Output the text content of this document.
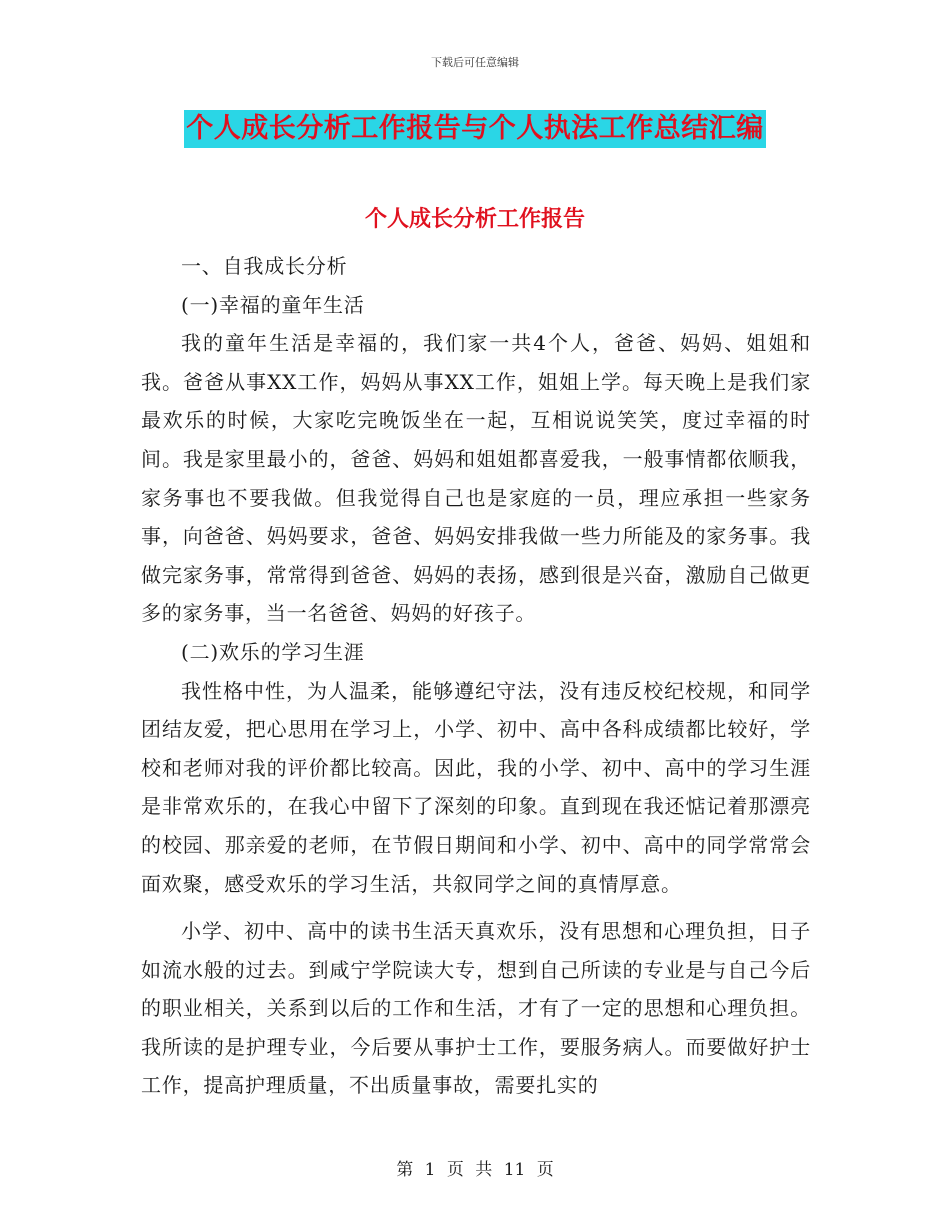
下载后可任意编辑
个人成长分析工作报告与个人执法工作总结汇编
个人成长分析工作报告

一、自我成长分析

(一)幸福的童年生活

我的童年生活是幸福的，我们家一共4个人，爸爸、妈妈、姐姐和我。爸爸从事XX工作，妈妈从事XX工作，姐姐上学。每天晚上是我们家最欢乐的时候，大家吃完晚饭坐在一起，互相说说笑笑，度过幸福的时间。我是家里最小的，爸爸、妈妈和姐姐都喜爱我，一般事情都依顺我，家务事也不要我做。但我觉得自己也是家庭的一员，理应承担一些家务事，向爸爸、妈妈要求，爸爸、妈妈安排我做一些力所能及的家务事。我做完家务事，常常得到爸爸、妈妈的表扬，感到很是兴奋，激励自己做更多的家务事，当一名爸爸、妈妈的好孩子。

(二)欢乐的学习生涯

我性格中性，为人温柔，能够遵纪守法，没有违反校纪校规，和同学团结友爱，把心思用在学习上，小学、初中、高中各科成绩都比较好，学校和老师对我的评价都比较高。因此，我的小学、初中、高中的学习生涯是非常欢乐的，在我心中留下了深刻的印象。直到现在我还惦记着那漂亮的校园、那亲爱的老师，在节假日期间和小学、初中、高中的同学常常会面欢聚，感受欢乐的学习生活，共叙同学之间的真情厚意。

小学、初中、高中的读书生活天真欢乐，没有思想和心理负担，日子如流水般的过去。到咸宁学院读大专，想到自己所读的专业是与自己今后的职业相关，关系到以后的工作和生活，才有了一定的思想和心理负担。我所读的是护理专业，今后要从事护士工作，要服务病人。而要做好护士工作，提高护理质量，不出质量事故，需要扎实的

第 1 页 共 11 页
